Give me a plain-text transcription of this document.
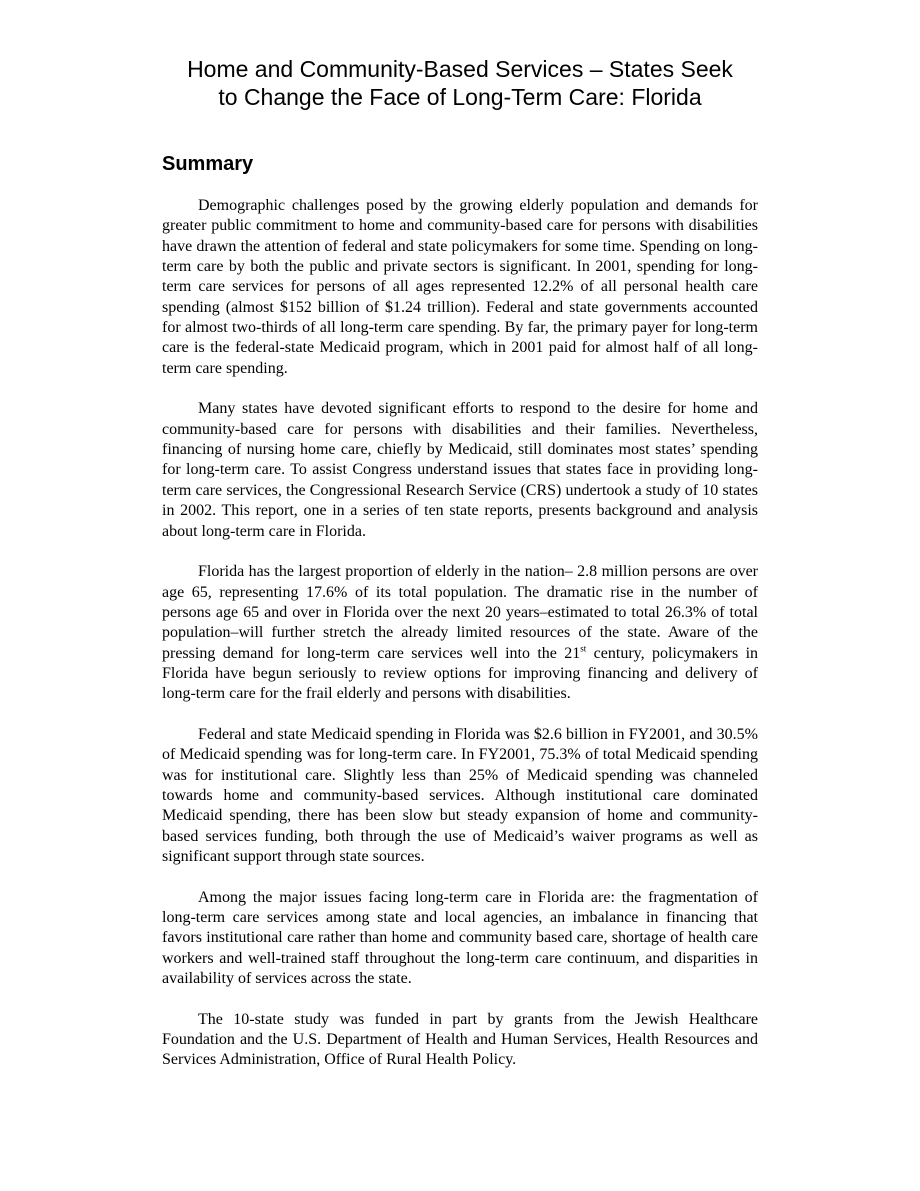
Home and Community-Based Services – States Seek
to Change the Face of Long-Term Care: Florida
Summary

Demographic challenges posed by the growing elderly population and demands for greater public commitment to home and community-based care for persons with disabilities have drawn the attention of federal and state policymakers for some time. Spending on long-term care by both the public and private sectors is significant. In 2001, spending for long-term care services for persons of all ages represented 12.2% of all personal health care spending (almost $152 billion of $1.24 trillion). Federal and state governments accounted for almost two-thirds of all long-term care spending. By far, the primary payer for long-term care is the federal-state Medicaid program, which in 2001 paid for almost half of all long-term care spending.

Many states have devoted significant efforts to respond to the desire for home and community-based care for persons with disabilities and their families. Nevertheless, financing of nursing home care, chiefly by Medicaid, still dominates most states’ spending for long-term care. To assist Congress understand issues that states face in providing long-term care services, the Congressional Research Service (CRS) undertook a study of 10 states in 2002. This report, one in a series of ten state reports, presents background and analysis about long-term care in Florida.

Florida has the largest proportion of elderly in the nation– 2.8 million persons are over age 65, representing 17.6% of its total population. The dramatic rise in the number of persons age 65 and over in Florida over the next 20 years–estimated to total 26.3% of total population–will further stretch the already limited resources of the state. Aware of the pressing demand for long-term care services well into the 21st century, policymakers in Florida have begun seriously to review options for improving financing and delivery of long-term care for the frail elderly and persons with disabilities.

Federal and state Medicaid spending in Florida was $2.6 billion in FY2001, and 30.5% of Medicaid spending was for long-term care. In FY2001, 75.3% of total Medicaid spending was for institutional care. Slightly less than 25% of Medicaid spending was channeled towards home and community-based services. Although institutional care dominated Medicaid spending, there has been slow but steady expansion of home and community-based services funding, both through the use of Medicaid’s waiver programs as well as significant support through state sources.

Among the major issues facing long-term care in Florida are: the fragmentation of long-term care services among state and local agencies, an imbalance in financing that favors institutional care rather than home and community based care, shortage of health care workers and well-trained staff throughout the long-term care continuum, and disparities in availability of services across the state.

The 10-state study was funded in part by grants from the Jewish Healthcare Foundation and the U.S. Department of Health and Human Services, Health Resources and Services Administration, Office of Rural Health Policy.
